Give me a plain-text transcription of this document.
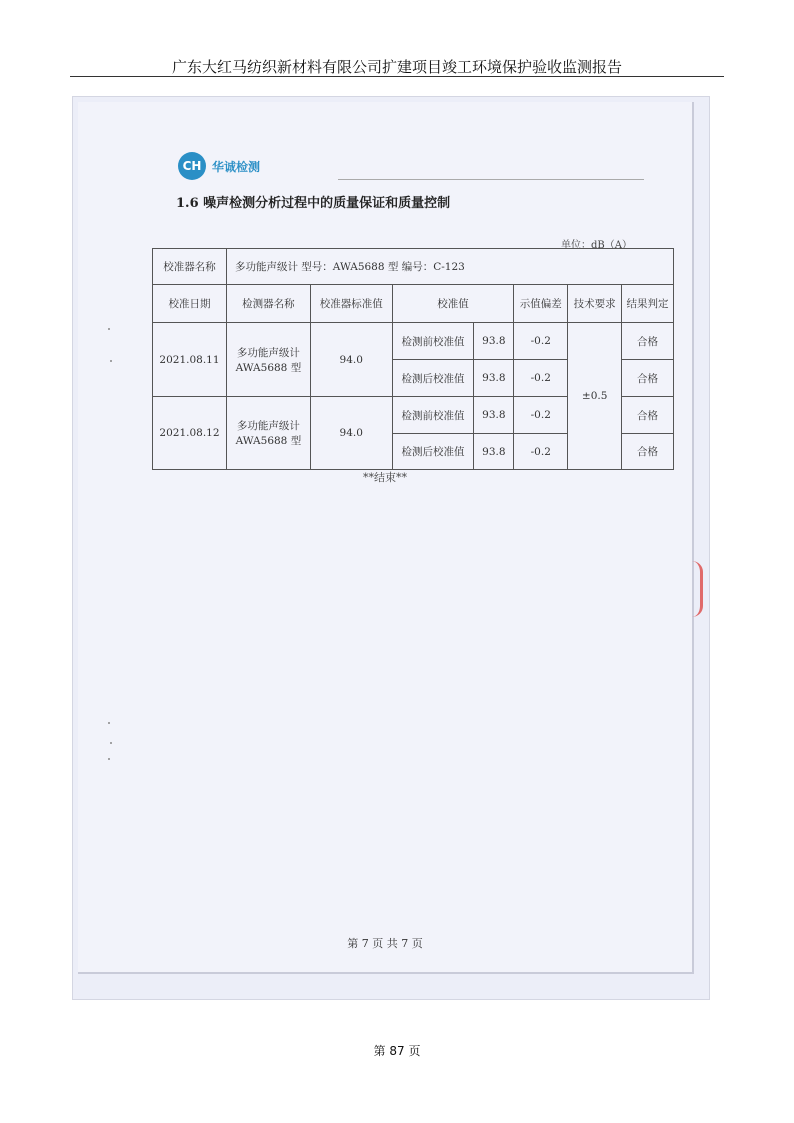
广东大红马纺织新材料有限公司扩建项目竣工环境保护验收监测报告
CH 华诚检测
1.6 噪声检测分析过程中的质量保证和质量控制
单位：dB（A）
校准器名称	多功能声级计 型号：AWA5688 型 编号：C-123						
校准日期	检测器名称	校准器标准值	校准值		示值偏差	技术要求	结果判定
2021.08.11	多功能声级计 AWA5688 型	94.0	检测前校准值	93.8	-0.2	±0.5	合格
			检测后校准值	93.8	-0.2		合格
2021.08.12	多功能声级计 AWA5688 型	94.0	检测前校准值	93.8	-0.2		合格
			检测后校准值	93.8	-0.2		合格
**结束**
第 7 页 共 7 页
第 87 页
